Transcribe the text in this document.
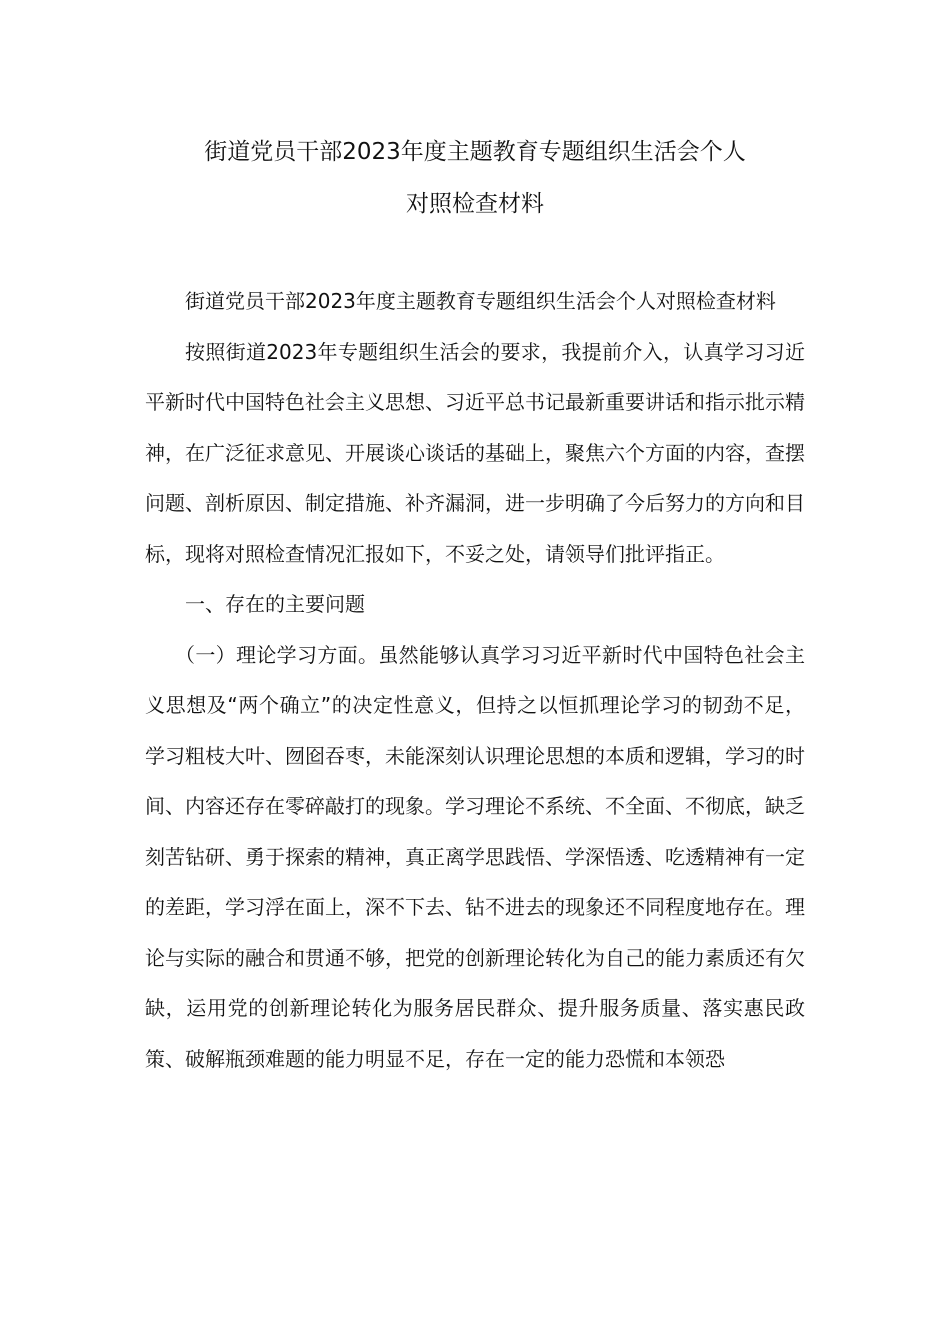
街道党员干部2023年度主题教育专题组织生活会个人
对照检查材料

街道党员干部2023年度主题教育专题组织生活会个人对照检查材料

按照街道2023年专题组织生活会的要求，我提前介入，认真学习习近平新时代中国特色社会主义思想、习近平总书记最新重要讲话和指示批示精神，在广泛征求意见、开展谈心谈话的基础上，聚焦六个方面的内容，查摆问题、剖析原因、制定措施、补齐漏洞，进一步明确了今后努力的方向和目标，现将对照检查情况汇报如下，不妥之处，请领导们批评指正。

一、存在的主要问题

（一）理论学习方面。虽然能够认真学习习近平新时代中国特色社会主义思想及“两个确立”的决定性意义，但持之以恒抓理论学习的韧劲不足，学习粗枝大叶、囫囵吞枣，未能深刻认识理论思想的本质和逻辑，学习的时间、内容还存在零碎敲打的现象。学习理论不系统、不全面、不彻底，缺乏刻苦钻研、勇于探索的精神，真正离学思践悟、学深悟透、吃透精神有一定的差距，学习浮在面上，深不下去、钻不进去的现象还不同程度地存在。理论与实际的融合和贯通不够，把党的创新理论转化为自己的能力素质还有欠缺，运用党的创新理论转化为服务居民群众、提升服务质量、落实惠民政策、破解瓶颈难题的能力明显不足，存在一定的能力恐慌和本领恐
